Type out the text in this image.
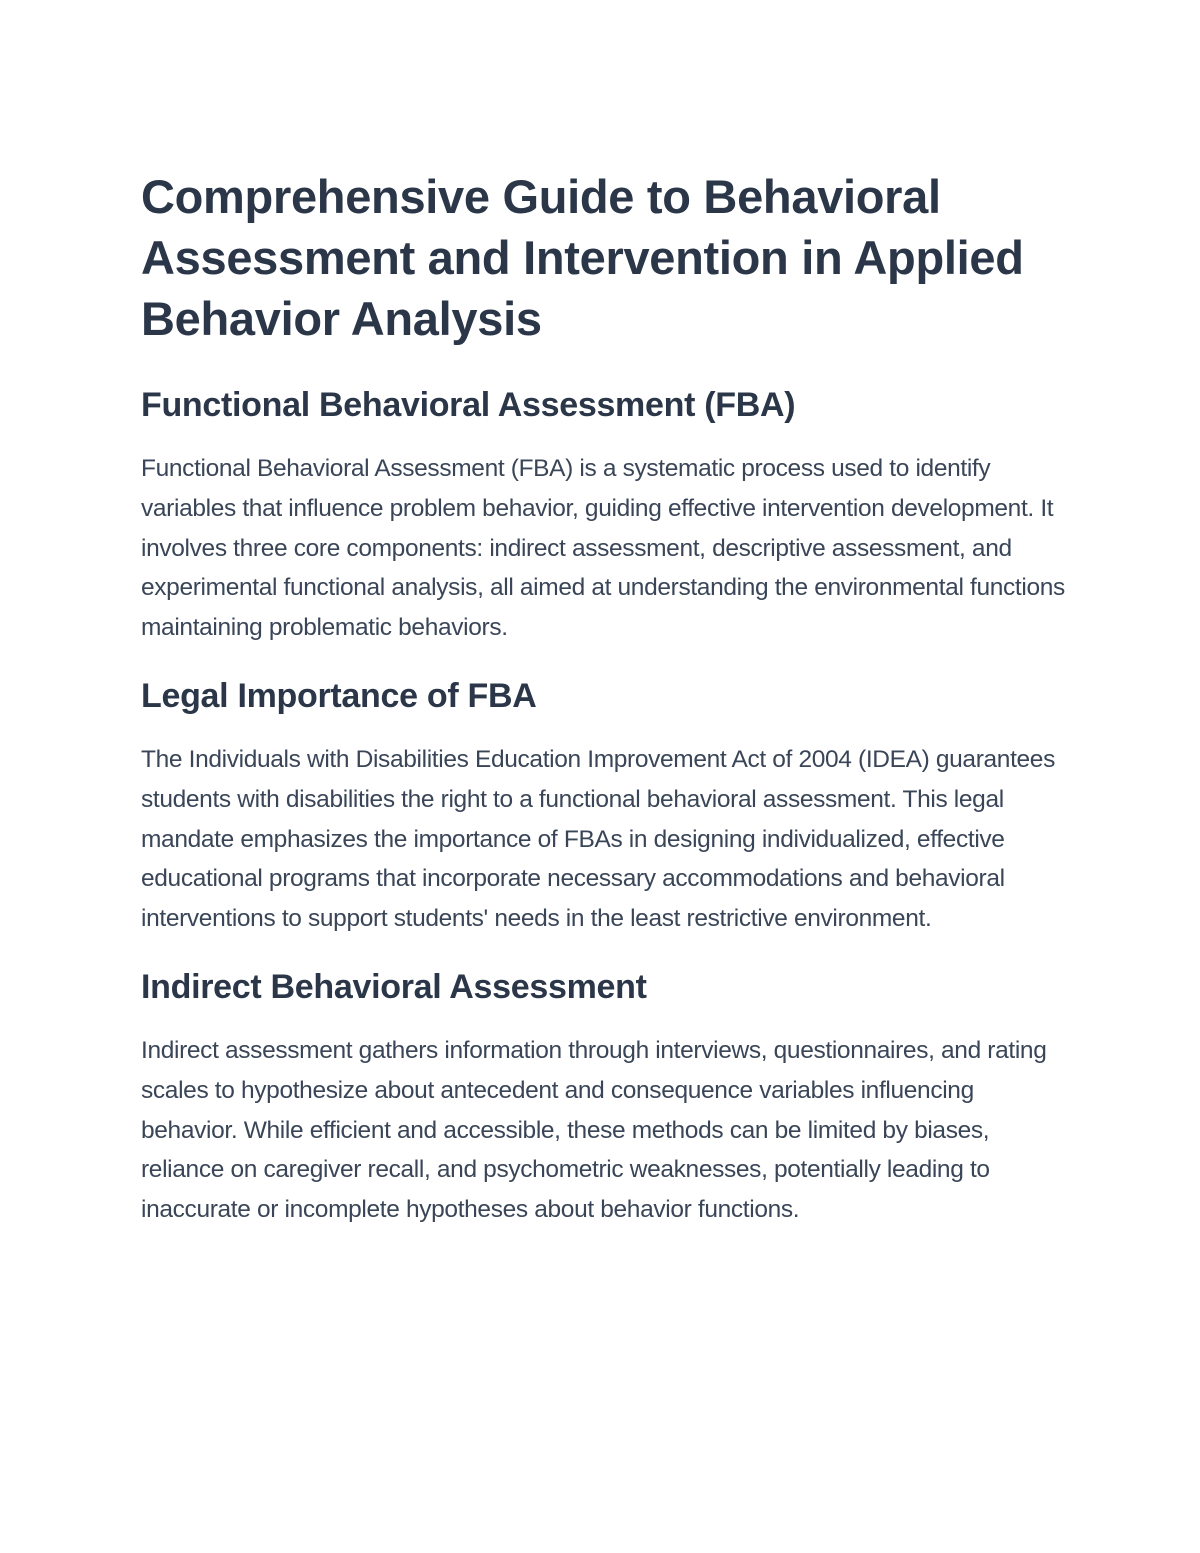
Comprehensive Guide to Behavioral Assessment and Intervention in Applied Behavior Analysis
Functional Behavioral Assessment (FBA)

Functional Behavioral Assessment (FBA) is a systematic process used to identify variables that influence problem behavior, guiding effective intervention development. It involves three core components: indirect assessment, descriptive assessment, and experimental functional analysis, all aimed at understanding the environmental functions maintaining problematic behaviors.

Legal Importance of FBA

The Individuals with Disabilities Education Improvement Act of 2004 (IDEA) guarantees students with disabilities the right to a functional behavioral assessment. This legal mandate emphasizes the importance of FBAs in designing individualized, effective educational programs that incorporate necessary accommodations and behavioral interventions to support students' needs in the least restrictive environment.

Indirect Behavioral Assessment

Indirect assessment gathers information through interviews, questionnaires, and rating scales to hypothesize about antecedent and consequence variables influencing behavior. While efficient and accessible, these methods can be limited by biases, reliance on caregiver recall, and psychometric weaknesses, potentially leading to inaccurate or incomplete hypotheses about behavior functions.
